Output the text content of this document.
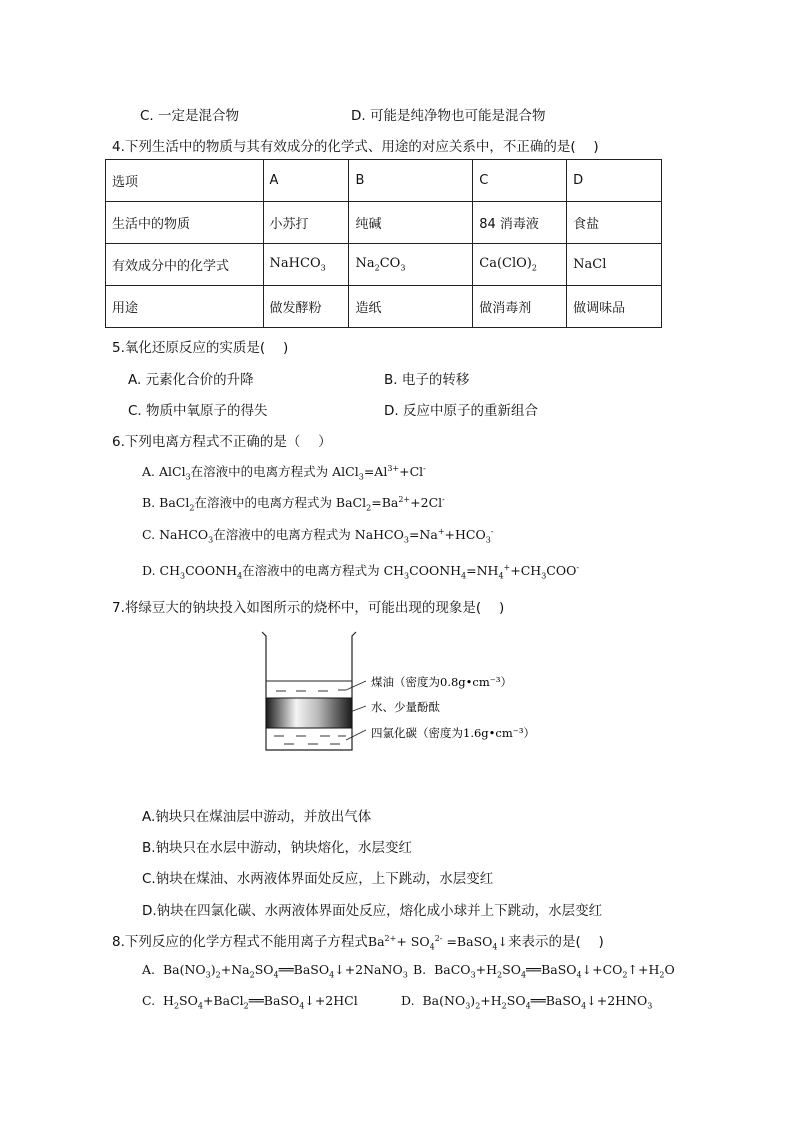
C. 一定是混合物	D. 可能是纯净物也可能是混合物
4.下列生活中的物质与其有效成分的化学式、用途的对应关系中，不正确的是(　 )
选项	A	B	C	D
生活中的物质	小苏打	纯碱	84 消毒液	食盐
有效成分中的化学式	NaHCO$_3$	$Na_2CO_3$	$Ca(ClO)_2$	NaCl
用途	做发酵粉	造纸	做消毒剂	做调味品
5.氧化还原反应的实质是(　 )
A. 元素化合价的升降	B. 电子的转移
C. 物质中氧原子的得失	D. 反应中原子的重新组合
6.下列电离方程式不正确的是（　 ）
A. AlCl$_3$在溶液中的电离方程式为 $AlCl_3=Al^{3+}+Cl^-$
B. BaCl$_2$在溶液中的电离方程式为 $BaCl_2=Ba^{2+}+2Cl^-$
C. NaHCO$_3$在溶液中的电离方程式为 $NaHCO_3=Na^++HCO_3^-$
D. $CH_3COONH_4$在溶液中的电离方程式为 $CH_3COONH_4=NH_4^++CH_3COO^-$
7.将绿豆大的钠块投入如图所示的烧杯中，可能出现的现象是(　 )
煤油（密度为0.8g•cm⁻³）
水、少量酚酞
四氯化碳（密度为1.6g•cm⁻³）
A.钠块只在煤油层中游动，并放出气体
B.钠块只在水层中游动，钠块熔化，水层变红
C.钠块在煤油、水两液体界面处反应，上下跳动，水层变红
D.钠块在四氯化碳、水两液体界面处反应，熔化成小球并上下跳动，水层变红
8.下列反应的化学方程式不能用离子方程式$Ba^{2+}+ SO_4^{2-}$ =BaSO$_4$↓来表示的是(　 )
A.  $Ba(NO_3)_2+Na_2SO_4══BaSO_4↓+2NaNO_3$ B.  $BaCO_3+H_2SO_4══BaSO_4↓+CO_2↑+H_2O$
C.  $H_2SO_4+BaCl_2══BaSO_4↓+2HCl$	D.  $Ba(NO_3)_2+H_2SO_4══BaSO_4↓+2HNO_3$
